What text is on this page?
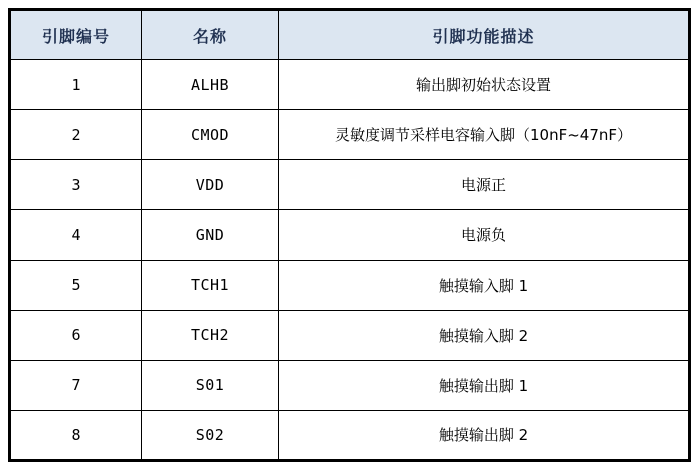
引脚编号	名称	引脚功能描述
1	ALHB	输出脚初始状态设置
2	CMOD	灵敏度调节采样电容输入脚（10nF~47nF）
3	VDD	电源正
4	GND	电源负
5	TCH1	触摸输入脚 1
6	TCH2	触摸输入脚 2
7	S01	触摸输出脚 1
8	S02	触摸输出脚 2
